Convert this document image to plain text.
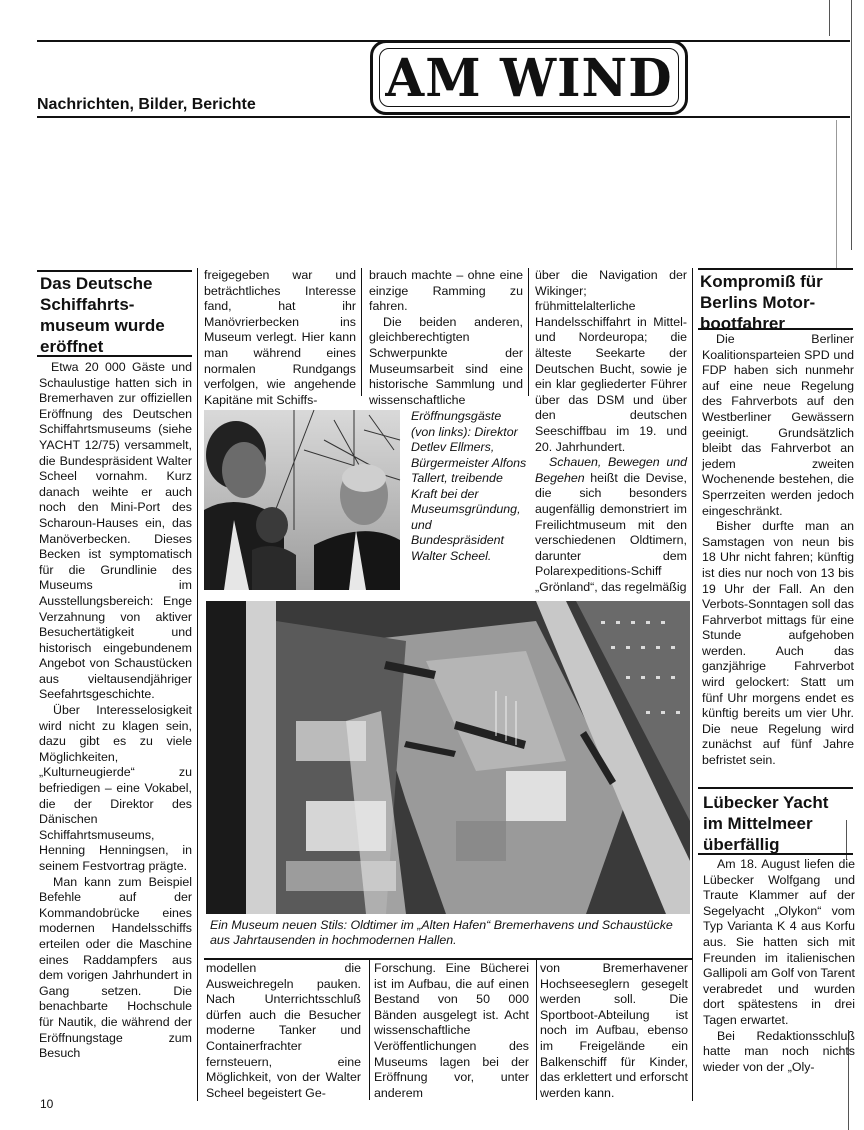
Nachrichten, Bilder, Berichte	AM WIND
Das Deutsche Schiffahrts-museum wurde eröffnet

Etwa 20 000 Gäste und Schaulustige hatten sich in Bremerhaven zur offiziellen Eröffnung des Deutschen Schiffahrtsmuseums (siehe YACHT 12/75) versammelt, die Bundespräsident Walter Scheel vornahm. Kurz danach weihte er auch noch den Mini-Port des Scharoun-Hauses ein, das Manöverbecken. Dieses Becken ist symptomatisch für die Grundlinie des Museums im Ausstellungsbereich: Enge Verzahnung von aktiver Besuchertätigkeit und historisch eingebundenem Angebot von Schaustücken aus vieltausendjähriger Seefahrtsgeschichte.

Über Interesselosigkeit wird nicht zu klagen sein, dazu gibt es zu viele Möglichkeiten, „Kulturneugierde“ zu befriedigen – eine Vokabel, die der Direktor des Dänischen Schiffahrtsmuseums, Henning Henningsen, in seinem Festvortrag prägte.

Man kann zum Beispiel Befehle auf der Kommandobrücke eines modernen Handelsschiffs erteilen oder die Maschine eines Raddampfers aus dem vorigen Jahrhundert in Gang setzen. Die benachbarte Hochschule für Nautik, die während der Eröffnungstage zum Besuch

freigegeben war und beträchtliches Interesse fand, hat ihr Manövrierbecken ins Museum verlegt. Hier kann man während eines normalen Rundgangs verfolgen, wie angehende Kapitäne mit Schiffs-

brauch machte – ohne eine einzige Ramming zu fahren.

Die beiden anderen, gleichberechtigten Schwerpunkte der Museumsarbeit sind eine historische Sammlung und wissenschaftliche

über die Navigation der Wikinger; frühmittelalterliche Handelsschiffahrt in Mittel- und Nordeuropa; die älteste Seekarte der Deutschen Bucht, sowie je ein klar gegliederter Führer über das DSM und über den deutschen Seeschiffbau im 19. und 20. Jahrhundert.

Schauen, Bewegen und Begehen heißt die Devise, die sich besonders augenfällig demonstriert im Freilichtmuseum mit den verschiedenen Oldtimern, darunter dem Polarexpeditions-Schiff „Grönland“, das regelmäßig

Eröffnungsgäste (von links): Direktor Detlev Ellmers, Bürgermeister Alfons Tallert, treibende Kraft bei der Museumsgründung, und Bundespräsident Walter Scheel.
Ein Museum neuen Stils: Oldtimer im „Alten Hafen“ Bremerhavens und Schaustücke aus Jahrtausenden in hochmodernen Hallen.

modellen die Ausweichregeln pauken. Nach Unterrichtsschluß dürfen auch die Besucher moderne Tanker und Containerfrachter fernsteuern, eine Möglichkeit, von der Walter Scheel begeistert Ge-

Forschung. Eine Bücherei ist im Aufbau, die auf einen Bestand von 50 000 Bänden ausgelegt ist. Acht wissenschaftliche Veröffentlichungen des Museums lagen bei der Eröffnung vor, unter anderem

von Bremerhavener Hochseeseglern gesegelt werden soll. Die Sportboot-Abteilung ist noch im Aufbau, ebenso im Freigelände ein Balkenschiff für Kinder, das erklettert und erforscht werden kann.

Kompromiß für Berlins Motor-bootfahrer

Die Berliner Koalitionsparteien SPD und FDP haben sich nunmehr auf eine neue Regelung des Fahrverbots auf den Westberliner Gewässern geeinigt. Grundsätzlich bleibt das Fahrverbot an jedem zweiten Wochenende bestehen, die Sperrzeiten werden jedoch eingeschränkt.

Bisher durfte man an Samstagen von neun bis 18 Uhr nicht fahren; künftig ist dies nur noch von 13 bis 19 Uhr der Fall. An den Verbots-Sonntagen soll das Fahrverbot mittags für eine Stunde aufgehoben werden. Auch das ganzjährige Fahrverbot wird gelockert: Statt um fünf Uhr morgens endet es künftig bereits um vier Uhr. Die neue Regelung wird zunächst auf fünf Jahre befristet sein.

Lübecker Yacht im Mittelmeer überfällig

Am 18. August liefen die Lübecker Wolfgang und Traute Klammer auf der Segelyacht „Olykon“ vom Typ Varianta K 4 aus Korfu aus. Sie hatten sich mit Freunden im italienischen Gallipoli am Golf von Tarent verabredet und wurden dort spätestens in drei Tagen erwartet.

Bei Redaktionsschluß hatte man noch nichts wieder von der „Oly-

10
